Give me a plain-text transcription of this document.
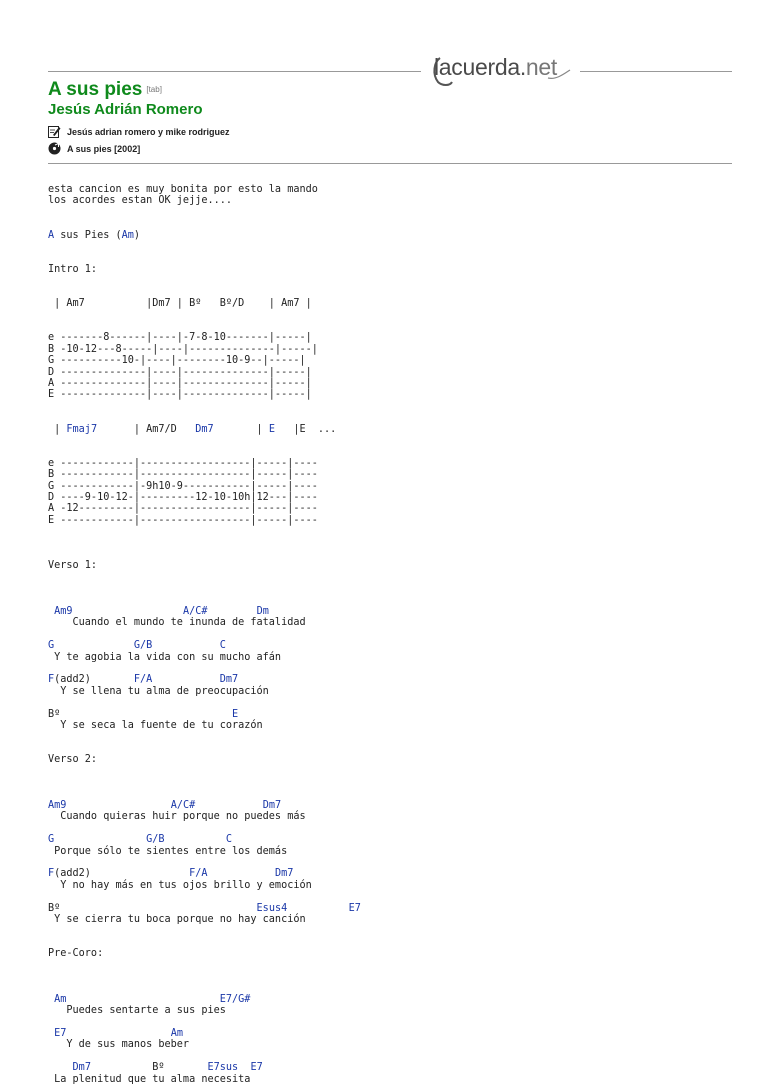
lacuerda.net
A sus pies [tab]
Jesús Adrián Romero
Jesús adrian romero y mike rodriguez
A sus pies [2002]
esta cancion es muy bonita por esto la mando
los acordes estan OK jejje....

A sus Pies (Am)

Intro 1:

| Am7          |Dm7 | Bº   Bº/D    | Am7 |

e -------8------|----|-7-8-10-------|-----|
B -10-12---8-----|----|--------------|-----|
G ----------10-|----|--------10-9--|-----|
D --------------|----|--------------|-----|
A --------------|----|--------------|-----|
E --------------|----|--------------|-----|

| Fmaj7      | Am7/D   Dm7       | E   |E  ...

e ------------|------------------|-----|----
B ------------|------------------|-----|----
G ------------|-9h10-9-----------|-----|----
D ----9-10-12-|---------12-10-10h|12---|----
A -12---------|------------------|-----|----
E ------------|------------------|-----|----

Verso 1:

Am9	A/C#	Dm
Cuando el mundo te inunda de fatalidad

G	G/B	C
Y te agobia la vida con su mucho afán

F(add2)       F/A	Dm7
Y se llena tu alma de preocupación

Bº                            E
Y se seca la fuente de tu corazón

Verso 2:

Am9	A/C#	Dm7
Cuando quieras huir porque no puedes más

G	G/B	C
Porque sólo te sientes entre los demás

F(add2)                F/A	Dm7
Y no hay más en tus ojos brillo y emoción

Bº                                Esus4	E7
Y se cierra tu boca porque no hay canción

Pre-Coro:

Am	E7/G#
Puedes sentarte a sus pies

E7	Am
Y de sus manos beber

Dm7          Bº       E7sus E7
La plenitud que tu alma necesita
